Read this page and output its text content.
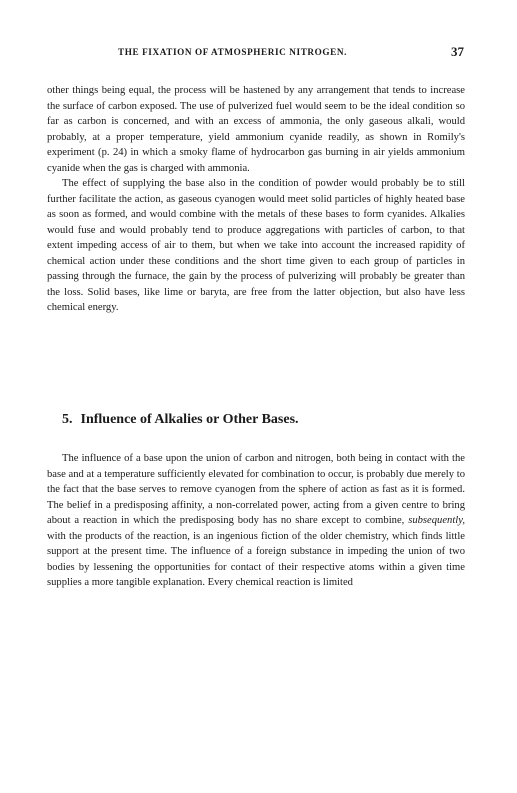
THE FIXATION OF ATMOSPHERIC NITROGEN.	37

other things being equal, the process will be hastened by any arrangement that tends to increase the surface of carbon exposed. The use of pulverized fuel would seem to be the ideal condition so far as carbon is concerned, and with an excess of ammonia, the only gaseous alkali, would probably, at a proper temperature, yield ammonium cyanide readily, as shown in Romily's experiment (p. 24) in which a smoky flame of hydrocarbon gas burning in air yields ammonium cyanide when the gas is charged with ammonia.

The effect of supplying the base also in the condition of powder would probably be to still further facilitate the action, as gaseous cyanogen would meet solid particles of highly heated base as soon as formed, and would combine with the metals of these bases to form cyanides. Alkalies would fuse and would probably tend to produce aggregations with particles of carbon, to that extent impeding access of air to them, but when we take into account the increased rapidity of chemical action under these conditions and the short time given to each group of particles in passing through the furnace, the gain by the process of pulverizing will probably be greater than the loss. Solid bases, like lime or baryta, are free from the latter objection, but also have less chemical energy.

5. Influence of Alkalies or Other Bases.

The influence of a base upon the union of carbon and nitrogen, both being in contact with the base and at a temperature sufficiently elevated for combination to occur, is probably due merely to the fact that the base serves to remove cyanogen from the sphere of action as fast as it is formed. The belief in a predisposing affinity, a non-correlated power, acting from a given centre to bring about a reaction in which the predisposing body has no share except to combine, subsequently, with the products of the reaction, is an ingenious fiction of the older chemistry, which finds little support at the present time. The influence of a foreign substance in impeding the union of two bodies by lessening the opportunities for contact of their respective atoms within a given time supplies a more tangible explanation. Every chemical reaction is limited
